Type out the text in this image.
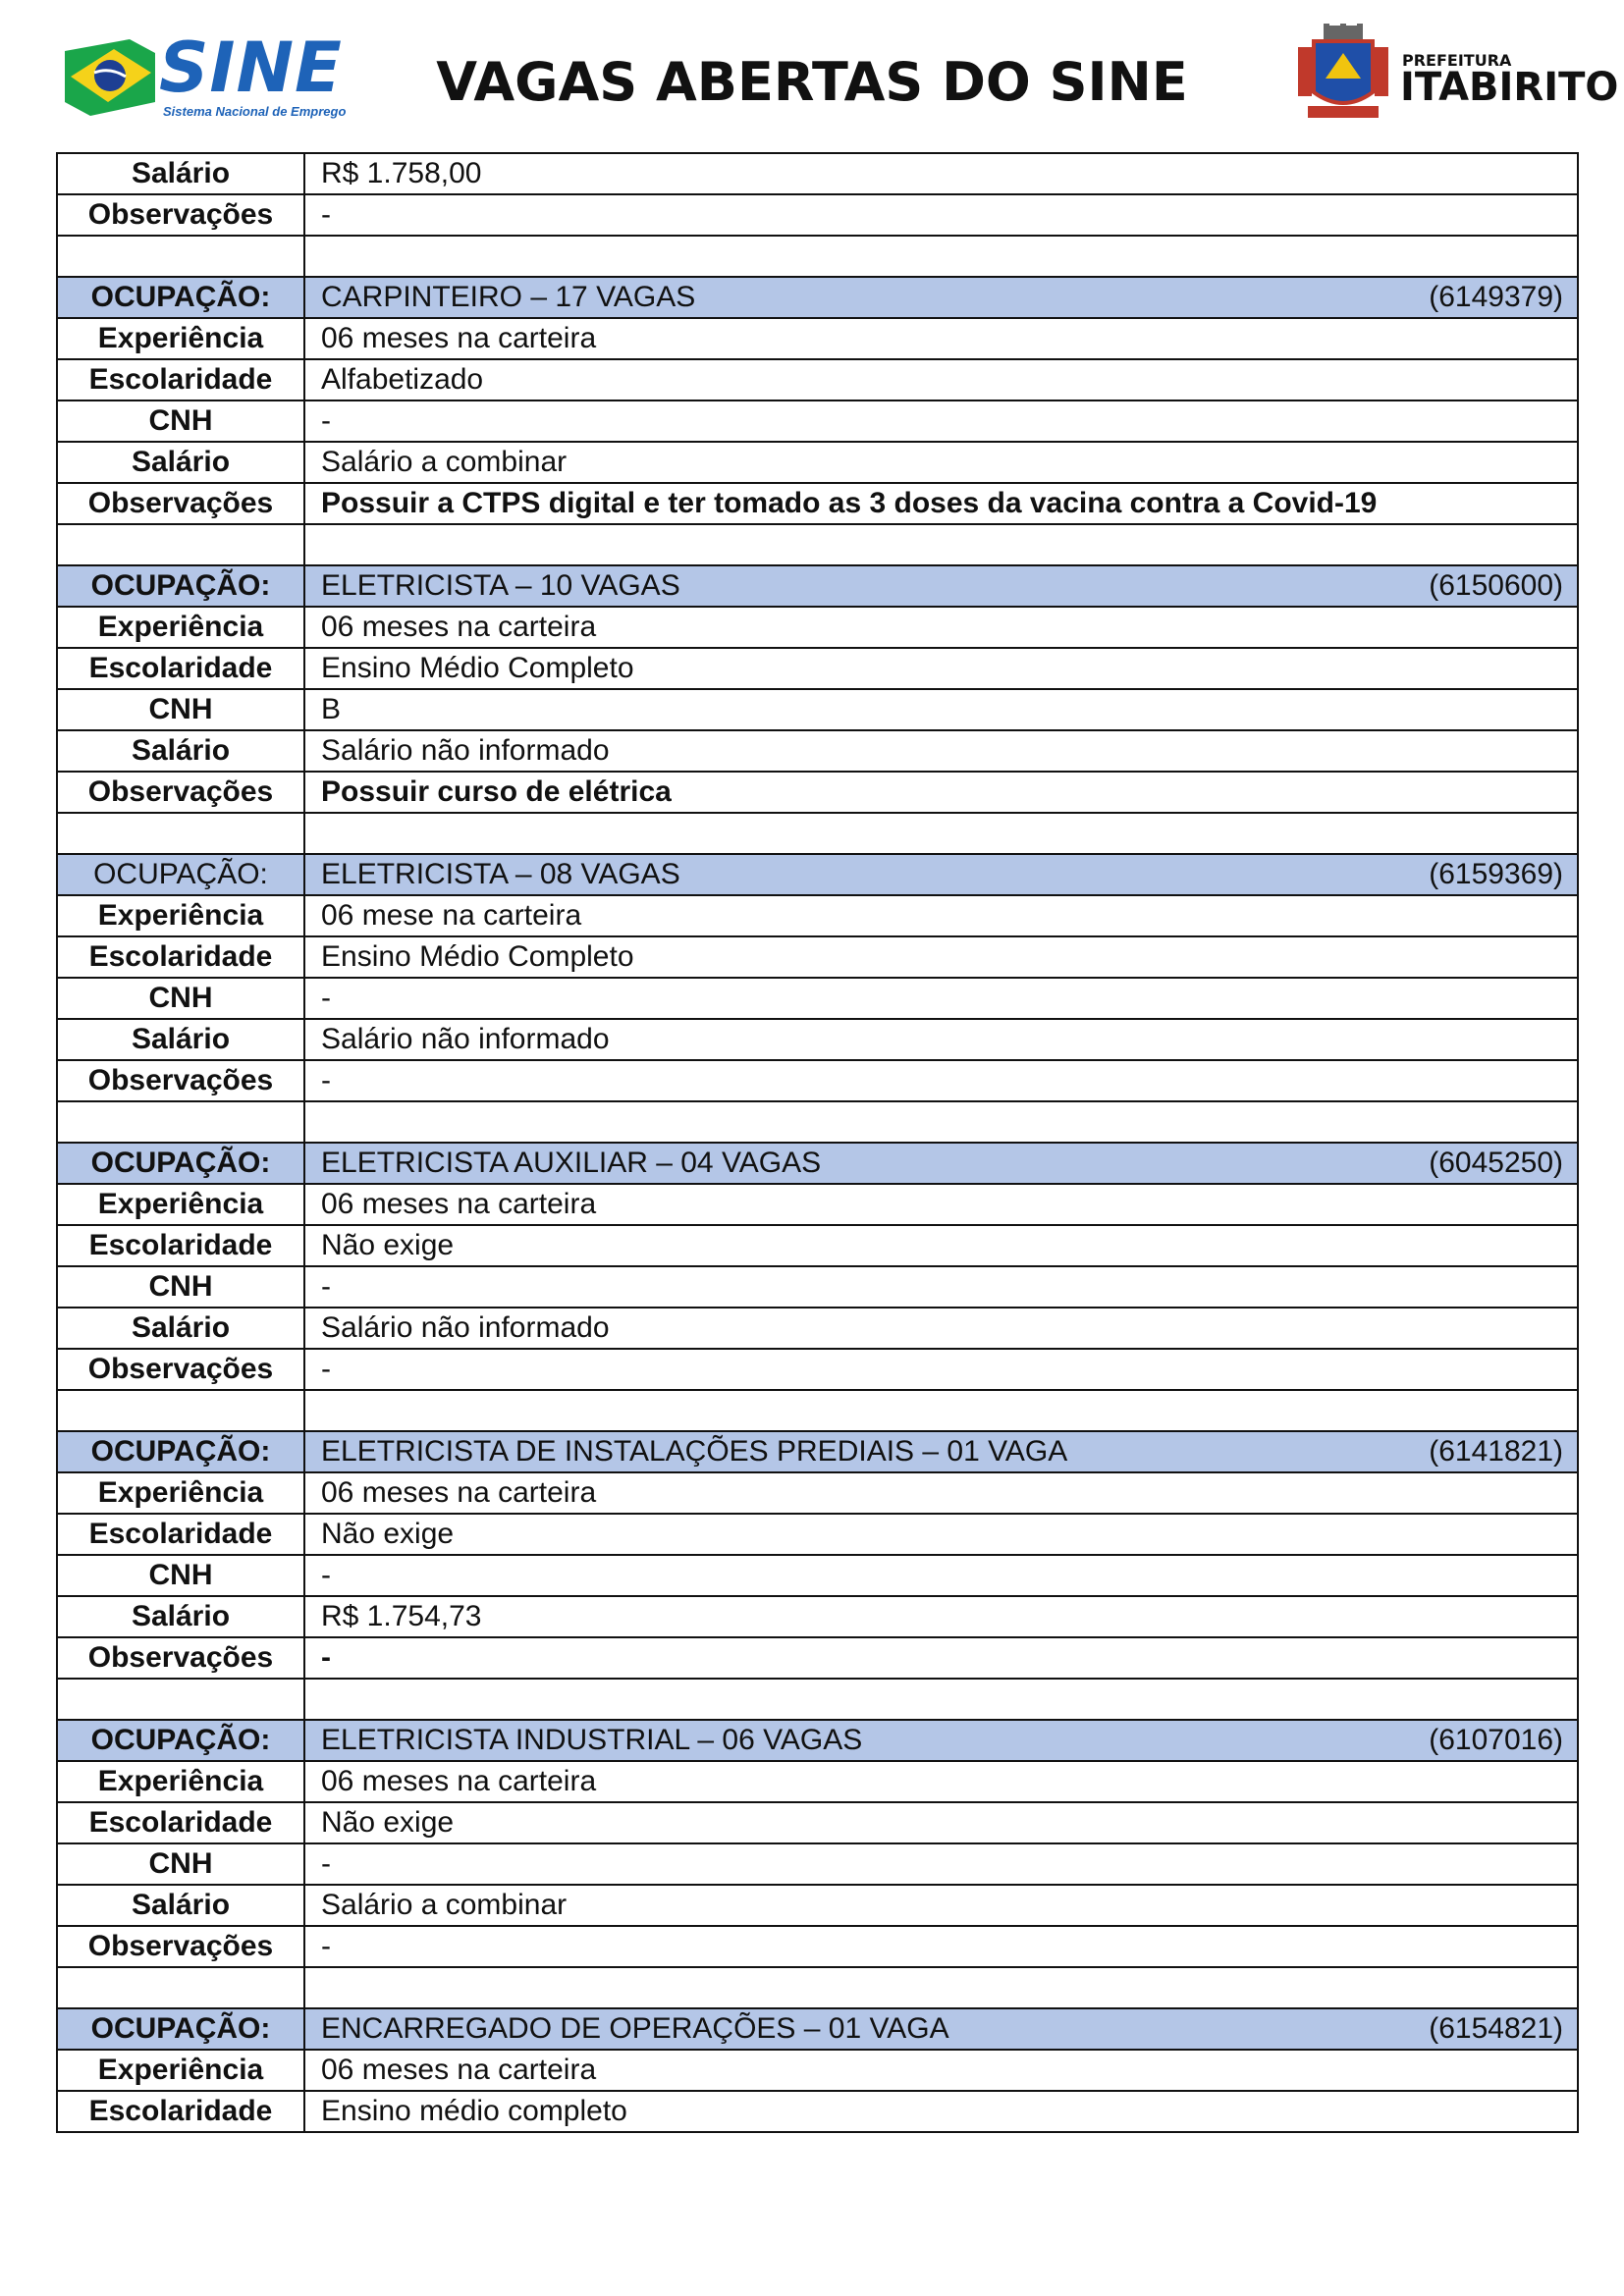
SINE
Sistema Nacional de Emprego	VAGAS ABERTAS DO SINE	PREFEITURA
ITABIRITO
Salário	R$ 1.758,00
Observações	-

OCUPAÇÃO:	CARPINTEIRO – 17 VAGAS (6149379)

Experiência	06 meses na carteira
Escolaridade	Alfabetizado
CNH	-
Salário	Salário a combinar
Observações	Possuir a CTPS digital e ter tomado as 3 doses da vacina contra a Covid-19

OCUPAÇÃO:	ELETRICISTA – 10 VAGAS (6150600)

Experiência	06 meses na carteira
Escolaridade	Ensino Médio Completo
CNH	B
Salário	Salário não informado
Observações	Possuir curso de elétrica

OCUPAÇÃO:	ELETRICISTA – 08 VAGAS (6159369)

Experiência	06 mese na carteira
Escolaridade	Ensino Médio Completo
CNH	-
Salário	Salário não informado
Observações	-

OCUPAÇÃO:	ELETRICISTA AUXILIAR – 04 VAGAS (6045250)

Experiência	06 meses na carteira
Escolaridade	Não exige
CNH	-
Salário	Salário não informado
Observações	-

OCUPAÇÃO:	ELETRICISTA DE INSTALAÇÕES PREDIAIS – 01 VAGA (6141821)

Experiência	06 meses na carteira
Escolaridade	Não exige
CNH	-
Salário	R$ 1.754,73
Observações	-

OCUPAÇÃO:	ELETRICISTA INDUSTRIAL – 06 VAGAS (6107016)

Experiência	06 meses na carteira
Escolaridade	Não exige
CNH	-
Salário	Salário a combinar
Observações	-

OCUPAÇÃO:	ENCARREGADO DE OPERAÇÕES – 01 VAGA (6154821)

Experiência	06 meses na carteira
Escolaridade	Ensino médio completo
